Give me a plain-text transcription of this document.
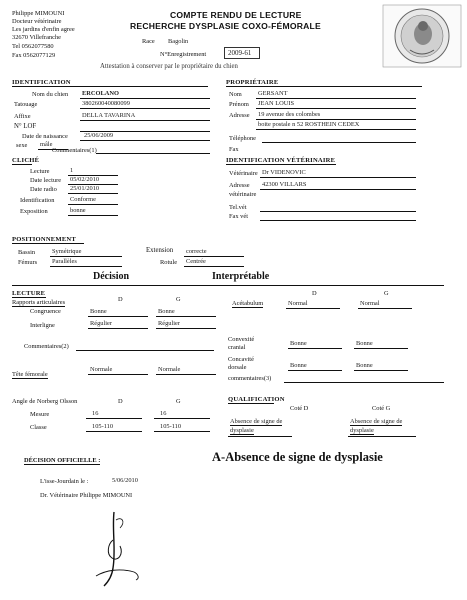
Philippe MIMOUNI
Docteur vétérinaire
Les jardins d'enfin agree
32670 Villefranche
Tel 0562077580
Fax 0562077129
COMPTE RENDU DE LECTURE
RECHERCHE DYSPLASIE COXO-FÉMORALE
Race Bagolin
N°Enregistrement	2009-61
Attestation à conserver par le propriétaire du chien
IDENTIFICATION
Nom du chien ERCOLANO
Tatouage	380260040080099
Affixe	DELLA TAVARINA
N° LOF
Date de naissance	25/06/2009
sexe mâle
PROPRIÉTAIRE
Nom	GERSANT
Prénom JEAN LOUIS
Adresse 19 avenue des colombes
boite postale n 52 ROSTHEIN CEDEX
Téléphone
Fax
Commentaires(1)
CLICHÉ
Lecture	1
Date lecture 05/02/2010
Date radio 25/01/2010
Identification Conforme
Exposition	bonne
IDENTIFICATION VÉTÉRINAIRE
Vétérinaire Dr VIDENOVIC
Adresse 42300 VILLARS
vétérinaire
Tel.vét
Fax vét
POSITIONNEMENT
Bassin	Symétrique
Fémurs Parallèles
Extension correcte
Rotule Centrée
Décision	Interprétable
LECTURE
Rapports articulaires	D	G
D	G
Congruence	Bonne	Bonne
Acétabulum	Normal	Normal
Interligne	Régulier	Régulier
Commentaires(2)
Convexité
cranial
Bonne	Bonne
Concavité
dorsale	Bonne	Bonne
commentaires(3)
Tête fémorale
Normale	Normale
Angle de Norberg Olsson	D	G
Mesure	16	16
Classe	105-110	105-110
QUALIFICATION
Coté D	Coté G
Absence de signe de
dysplasie
Absence de signe de
dysplasie
DÉCISION OFFICIELLE :	A-Absence de signe de dysplasie
L'isse-Jourdain le :	5/06/2010
Dr. Vétérinaire Philippe MIMOUNI
